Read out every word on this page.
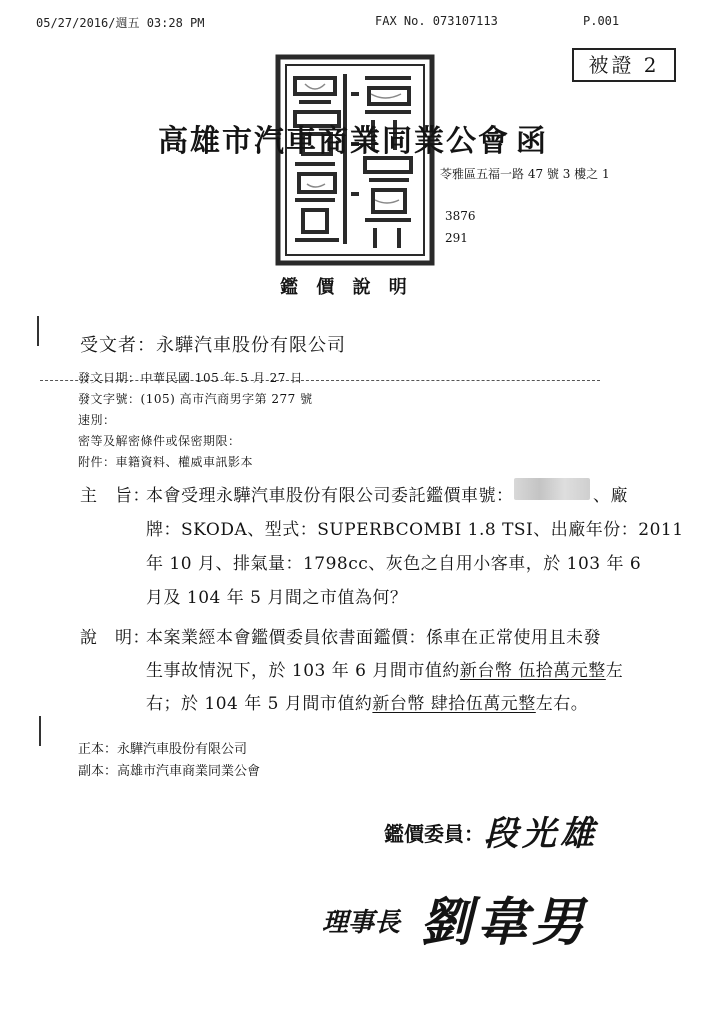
05/27/2016/週五 03:28 PM	FAX No. 073107113	P.001
被證 2
鑑 價 說 明
高雄市汽車商業同業公會 函
苓雅區五福一路 47 號 3 樓之 1
3876
291
受文者：永驊汽車股份有限公司
發文日期：中華民國 105 年 5 月 27 日
發文字號：(105) 高市汽商男字第 277 號
速別：
密等及解密條件或保密期限：
附件：車籍資料、權威車訊影本
主　旨：
本會受理永驊汽車股份有限公司委託鑑價車號：	、廠
牌：SKODA、型式：SUPERBCOMBI 1.8 TSI、出廠年份：2011
年 10 月、排氣量：1798cc、灰色之自用小客車，於 103 年 6
月及 104 年 5 月間之市值為何？
說　明：
本案業經本會鑑價委員依書面鑑價：係車在正常使用且未發
生事故情況下，於 103 年 6 月間市值約新台幣 伍拾萬元整左
右；於 104 年 5 月間市值約新台幣 肆拾伍萬元整左右。
正本：永驊汽車股份有限公司
副本：高雄市汽車商業同業公會
鑑價委員： 段光雄
理事長 劉韋男
